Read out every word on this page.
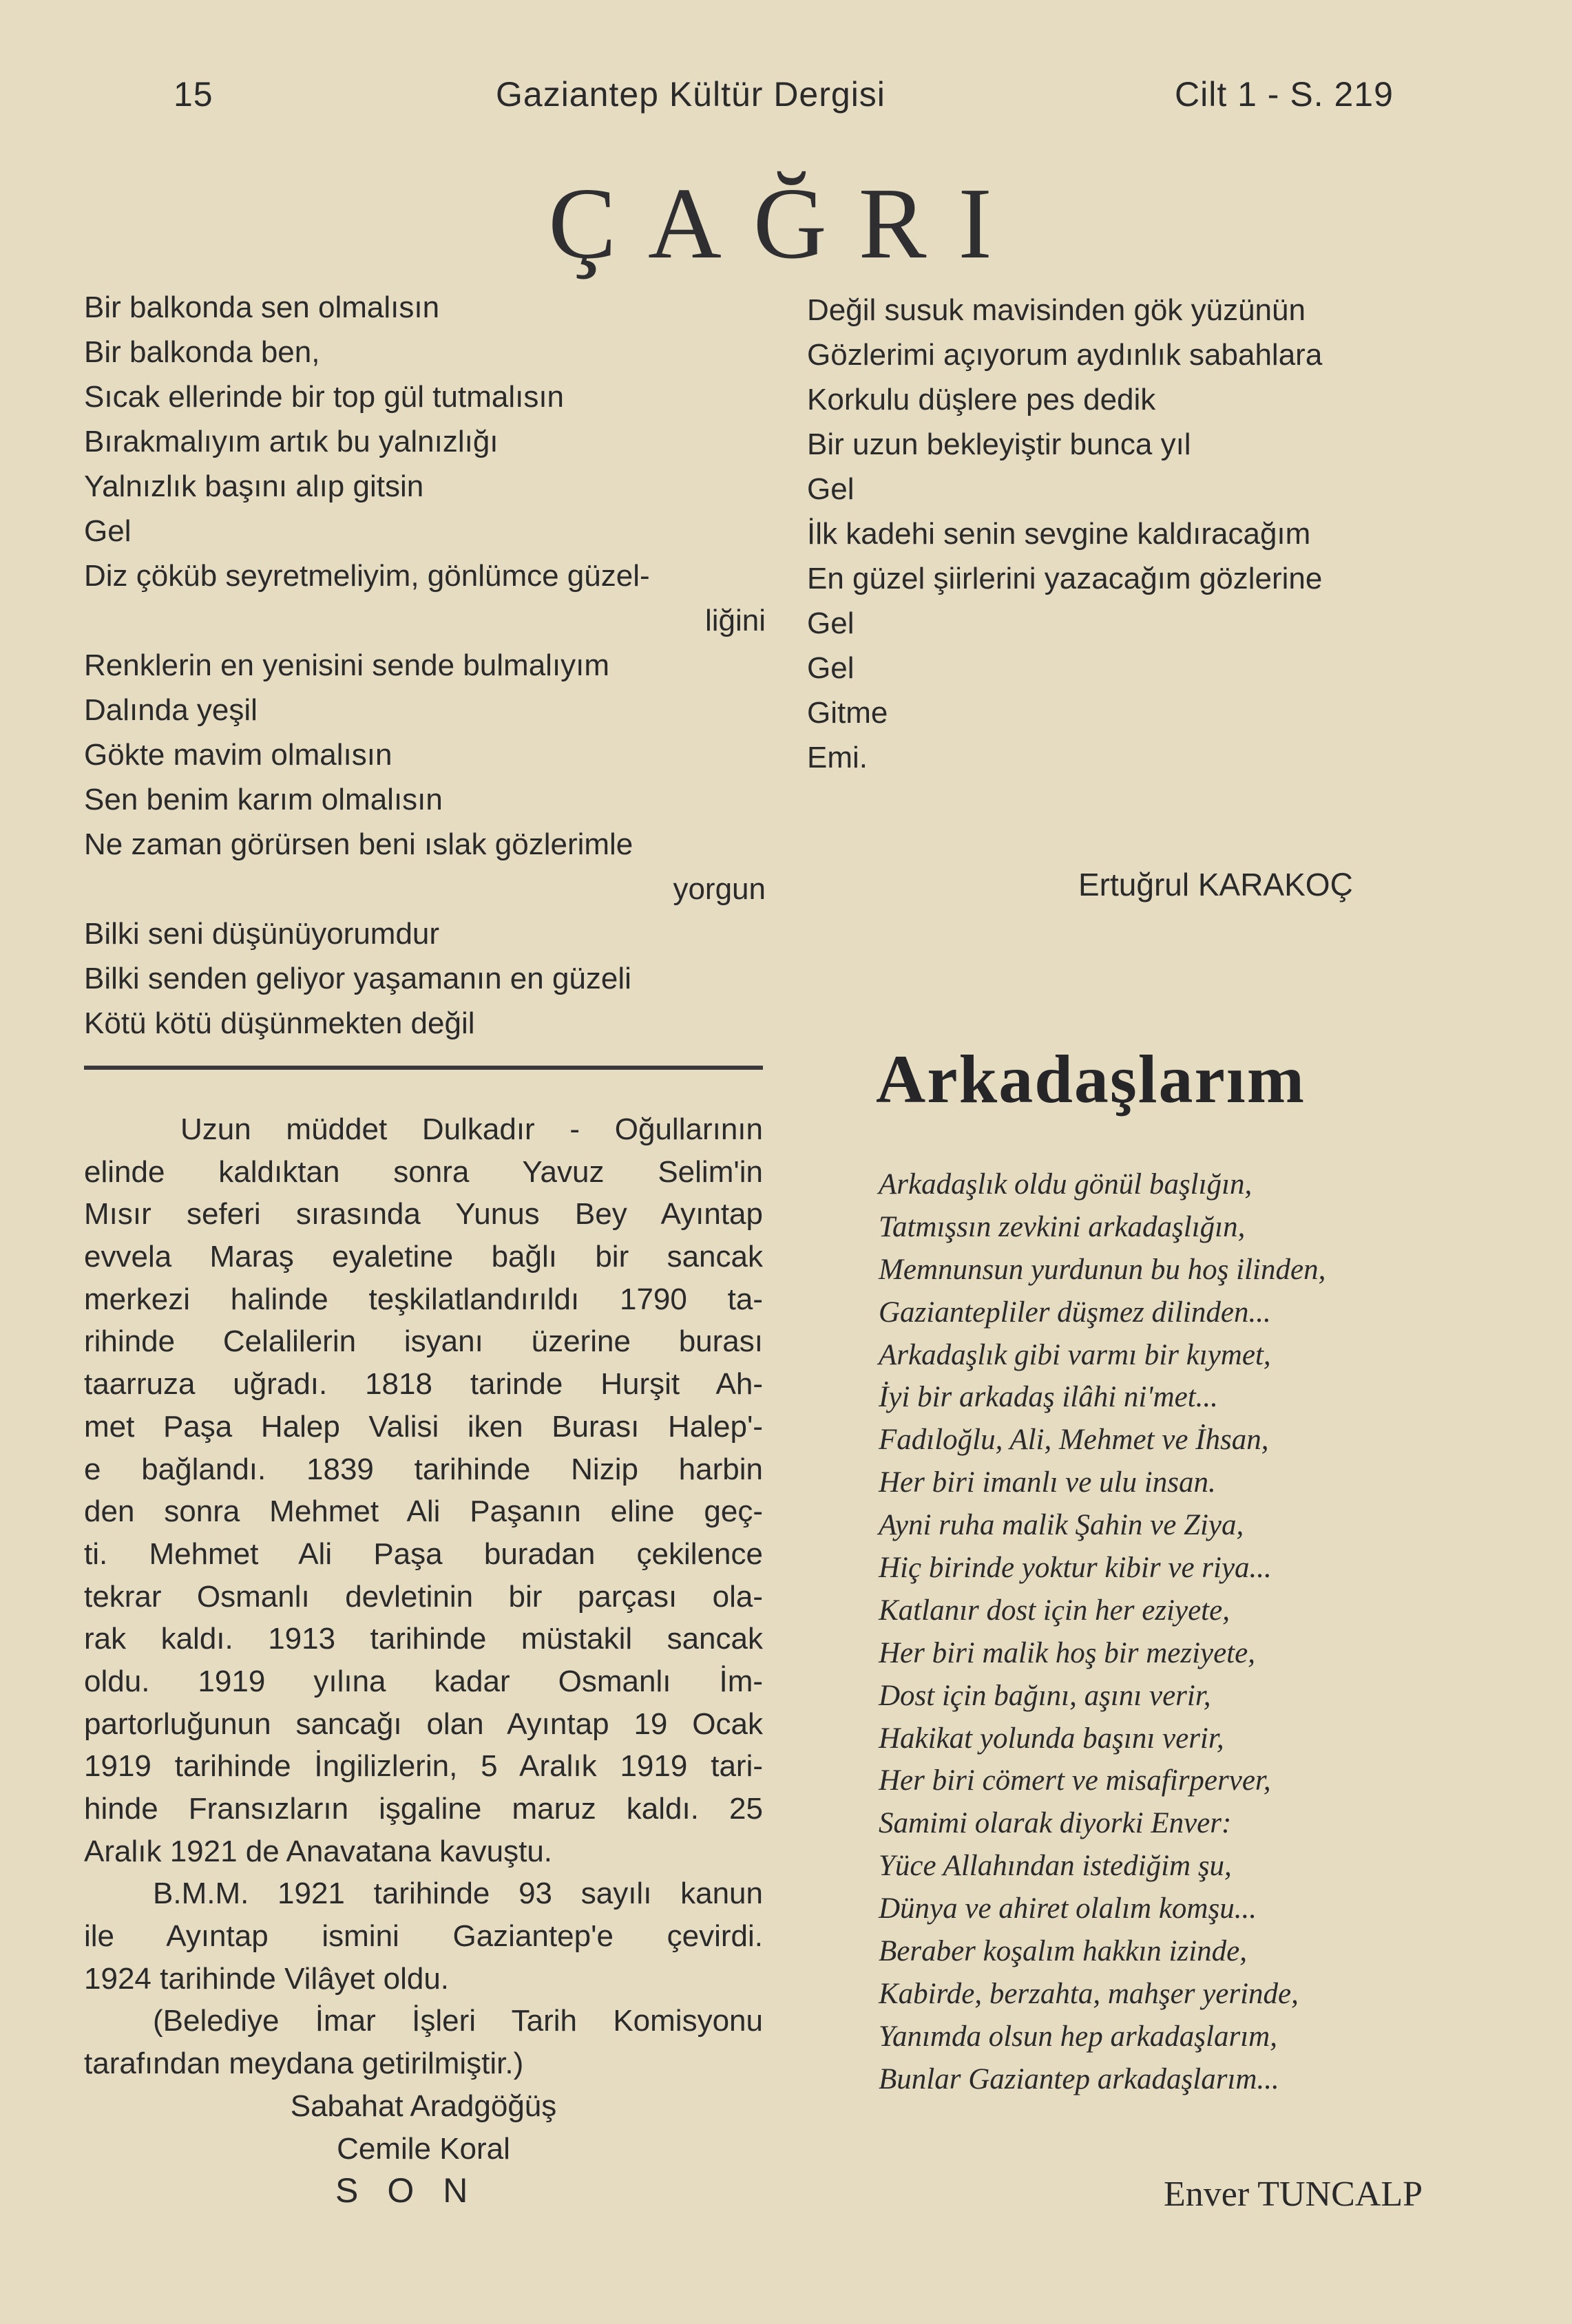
15	Gaziantep Kültür Dergisi	Cilt 1 - S. 219
ÇAĞRI
Bir balkonda sen olmalısın
Bir balkonda ben,
Sıcak ellerinde bir top gül tutmalısın
Bırakmalıyım artık bu yalnızlığı
Yalnızlık başını alıp gitsin
Gel
Diz çöküb seyretmeliyim, gönlümce güzel-
liğini
Renklerin en yenisini sende bulmalıyım
Dalında yeşil
Gökte mavim olmalısın
Sen benim karım olmalısın
Ne zaman görürsen beni ıslak gözlerimle
yorgun
Bilki seni düşünüyorumdur
Bilki senden geliyor yaşamanın en güzeli
Kötü kötü düşünmekten değil
Değil susuk mavisinden gök yüzünün
Gözlerimi açıyorum aydınlık sabahlara
Korkulu düşlere pes dedik
Bir uzun bekleyiştir bunca yıl
Gel
İlk kadehi senin sevgine kaldıracağım
En güzel şiirlerini yazacağım gözlerine
Gel
Gel
Gitme
Emi.
Ertuğrul KARAKOÇ
Uzun müddet Dulkadır - Oğullarının
elinde kaldıktan sonra Yavuz Selim'in
Mısır seferi sırasında Yunus Bey Ayıntap
evvela Maraş eyaletine bağlı bir sancak
merkezi halinde teşkilatlandırıldı 1790 ta-
rihinde Celalilerin isyanı üzerine burası
taarruza uğradı. 1818 tarinde Hurşit Ah-
met Paşa Halep Valisi iken Burası Halep'-
e bağlandı. 1839 tarihinde Nizip harbin
den sonra Mehmet Ali Paşanın eline geç-
ti. Mehmet Ali Paşa buradan çekilence
tekrar Osmanlı devletinin bir parçası ola-
rak kaldı. 1913 tarihinde müstakil sancak
oldu. 1919 yılına kadar Osmanlı İm-
partorluğunun sancağı olan Ayıntap 19 Ocak
1919 tarihinde İngilizlerin, 5 Aralık 1919 tari-
hinde Fransızların işgaline maruz kaldı. 25
Aralık 1921 de Anavatana kavuştu.
B.M.M. 1921 tarihinde 93 sayılı kanun
ile Ayıntap ismini Gaziantep'e çevirdi.
1924 tarihinde Vilâyet oldu.
(Belediye İmar İşleri Tarih Komisyonu
tarafından meydana getirilmiştir.)
Sabahat Aradgöğüş
Cemile Koral
SON
Arkadaşlarım
Arkadaşlık oldu gönül başlığın,
Tatmışsın zevkini arkadaşlığın,
Memnunsun yurdunun bu hoş ilinden,
Gaziantepliler düşmez dilinden...
Arkadaşlık gibi varmı bir kıymet,
İyi bir arkadaş ilâhi ni'met...
Fadıloğlu, Ali, Mehmet ve İhsan,
Her biri imanlı ve ulu insan.
Ayni ruha malik Şahin ve Ziya,
Hiç birinde yoktur kibir ve riya...
Katlanır dost için her eziyete,
Her biri malik hoş bir meziyete,
Dost için bağını, aşını verir,
Hakikat yolunda başını verir,
Her biri cömert ve misafirperver,
Samimi olarak diyorki Enver:
Yüce Allahından istediğim şu,
Dünya ve ahiret olalım komşu...
Beraber koşalım hakkın izinde,
Kabirde, berzahta, mahşer yerinde,
Yanımda olsun hep arkadaşlarım,
Bunlar Gaziantep arkadaşlarım...
Enver TUNCALP
